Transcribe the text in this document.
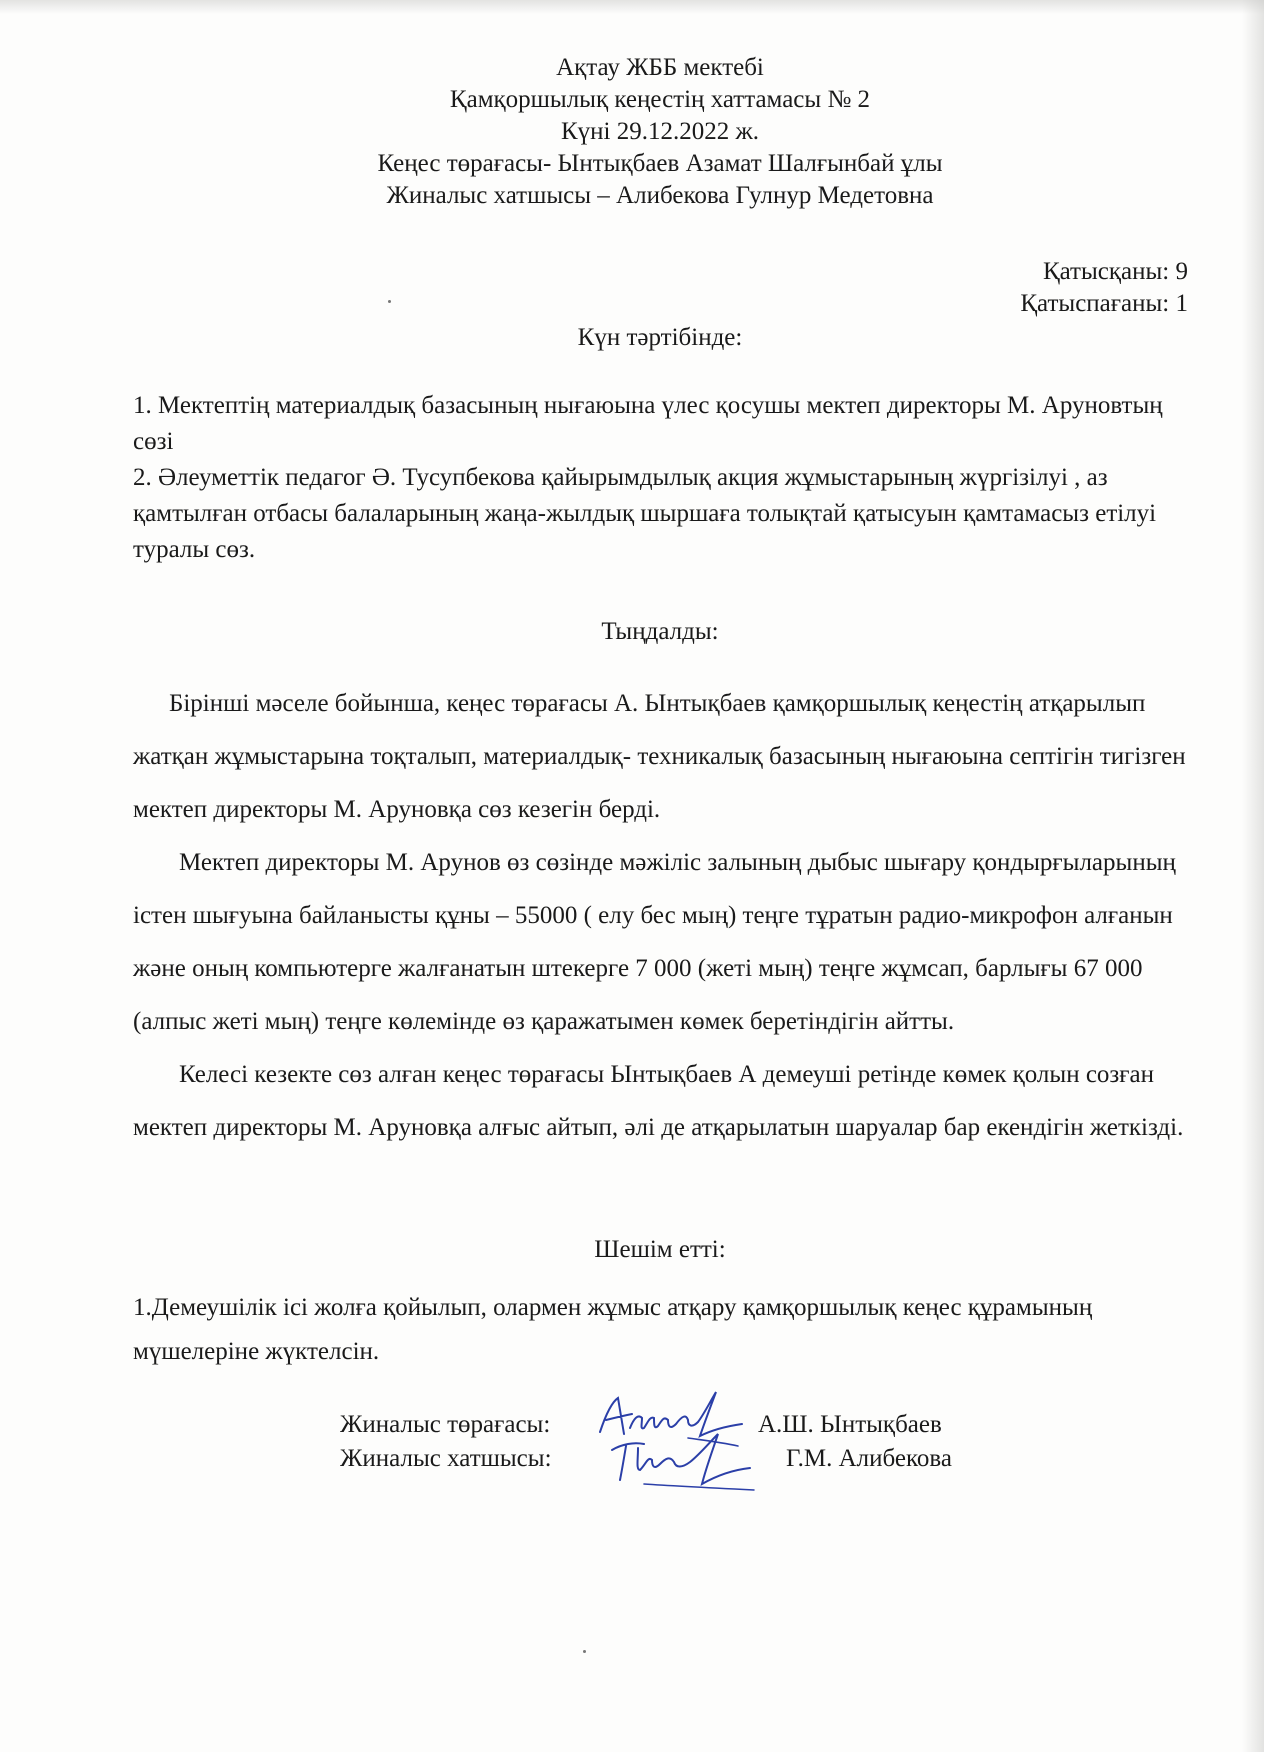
Ақтау ЖББ мектебі
Қамқоршылық кеңестің хаттамасы № 2
Күні 29.12.2022 ж.
Кеңес төрағасы- Ынтықбаев Азамат Шалғынбай ұлы
Жиналыс хатшысы – Алибекова Гулнур Медетовна
Қатысқаны: 9
Қатыспағаны: 1
Күн тәртібінде:

1. Мектептің материалдық базасының нығаюына үлес қосушы мектеп директоры М. Аруновтың сөзі

2. Әлеуметтік педагог Ә. Тусупбекова қайырымдылық акция жұмыстарының жүргізілуі , аз қамтылған отбасы балаларының жаңа-жылдық шыршаға толықтай қатысуын қамтамасыз етілуі туралы сөз.

Тыңдалды:

Бірінші мәселе бойынша, кеңес төрағасы А. Ынтықбаев қамқоршылық кеңестің атқарылып жатқан жұмыстарына тоқталып, материалдық- техникалық базасының нығаюына септігін тигізген мектеп директоры М. Аруновқа сөз кезегін берді.

Мектеп директоры М. Арунов өз сөзінде мәжіліс залының дыбыс шығару қондырғыларының істен шығуына байланысты құны – 55000 ( елу бес мың) теңге тұратын радио-микрофон алғанын және оның компьютерге жалғанатын штекерге 7 000 (жеті мың) теңге жұмсап, барлығы 67 000 (алпыс жеті мың) теңге көлемінде өз қаражатымен көмек беретіндігін айтты.

Келесі кезекте сөз алған кеңес төрағасы Ынтықбаев А демеуші ретінде көмек қолын созған мектеп директоры М. Аруновқа алғыс айтып, әлі де атқарылатын шаруалар бар екендігін жеткізді.

Шешім етті:

1.Демеушілік ісі жолға қойылып, олармен жұмыс атқару қамқоршылық кеңес құрамының мүшелеріне жүктелсін.

Жиналыс төрағасы:	А.Ш. Ынтықбаев
Жиналыс хатшысы:	Г.М. Алибекова
